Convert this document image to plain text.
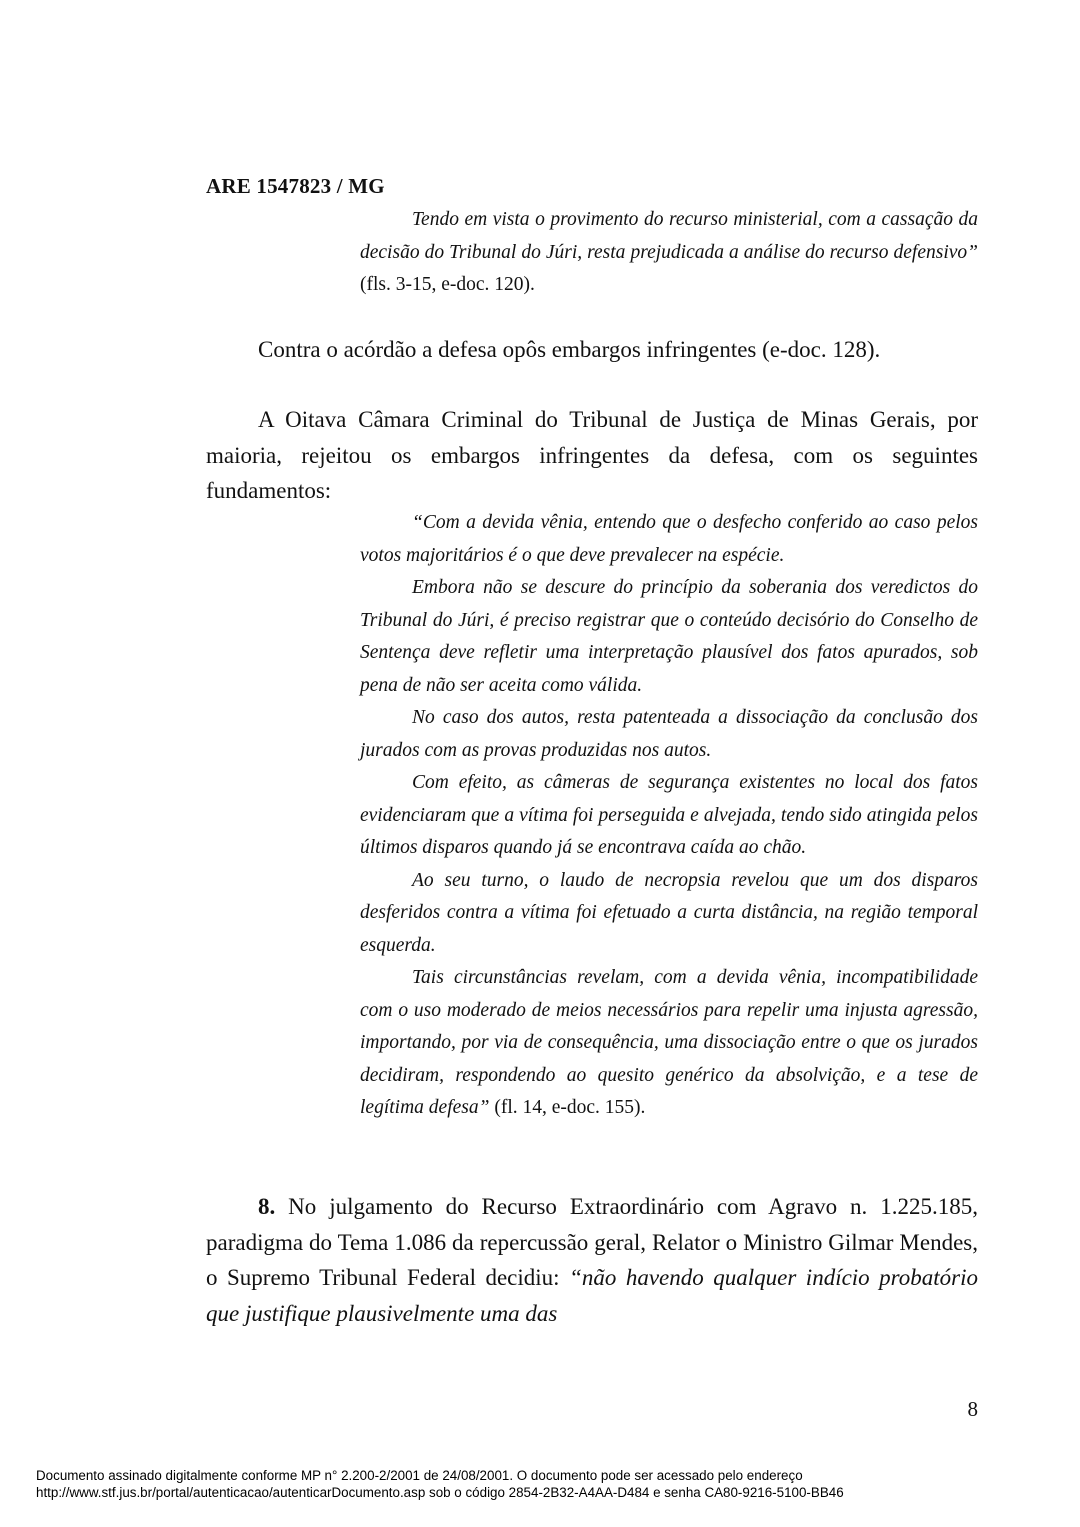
ARE 1547823 / MG

Tendo em vista o provimento do recurso ministerial, com a cassação da decisão do Tribunal do Júri, resta prejudicada a análise do recurso defensivo” (fls. 3-15, e-doc. 120).

Contra o acórdão a defesa opôs embargos infringentes (e-doc. 128).

A Oitava Câmara Criminal do Tribunal de Justiça de Minas Gerais, por maioria, rejeitou os embargos infringentes da defesa, com os seguintes fundamentos:

“Com a devida vênia, entendo que o desfecho conferido ao caso pelos votos majoritários é o que deve prevalecer na espécie.

Embora não se descure do princípio da soberania dos veredictos do Tribunal do Júri, é preciso registrar que o conteúdo decisório do Conselho de Sentença deve refletir uma interpretação plausível dos fatos apurados, sob pena de não ser aceita como válida.

No caso dos autos, resta patenteada a dissociação da conclusão dos jurados com as provas produzidas nos autos.

Com efeito, as câmeras de segurança existentes no local dos fatos evidenciaram que a vítima foi perseguida e alvejada, tendo sido atingida pelos últimos disparos quando já se encontrava caída ao chão.

Ao seu turno, o laudo de necropsia revelou que um dos disparos desferidos contra a vítima foi efetuado a curta distância, na região temporal esquerda.

Tais circunstâncias revelam, com a devida vênia, incompatibilidade com o uso moderado de meios necessários para repelir uma injusta agressão, importando, por via de consequência, uma dissociação entre o que os jurados decidiram, respondendo ao quesito genérico da absolvição, e a tese de legítima defesa” (fl. 14, e-doc. 155).

8. No julgamento do Recurso Extraordinário com Agravo n. 1.225.185, paradigma do Tema 1.086 da repercussão geral, Relator o Ministro Gilmar Mendes, o Supremo Tribunal Federal decidiu: “não havendo qualquer indício probatório que justifique plausivelmente uma das

8

Documento assinado digitalmente conforme MP n° 2.200-2/2001 de 24/08/2001. O documento pode ser acessado pelo endereço
http://www.stf.jus.br/portal/autenticacao/autenticarDocumento.asp sob o código 2854-2B32-A4AA-D484 e senha CA80-9216-5100-BB46
